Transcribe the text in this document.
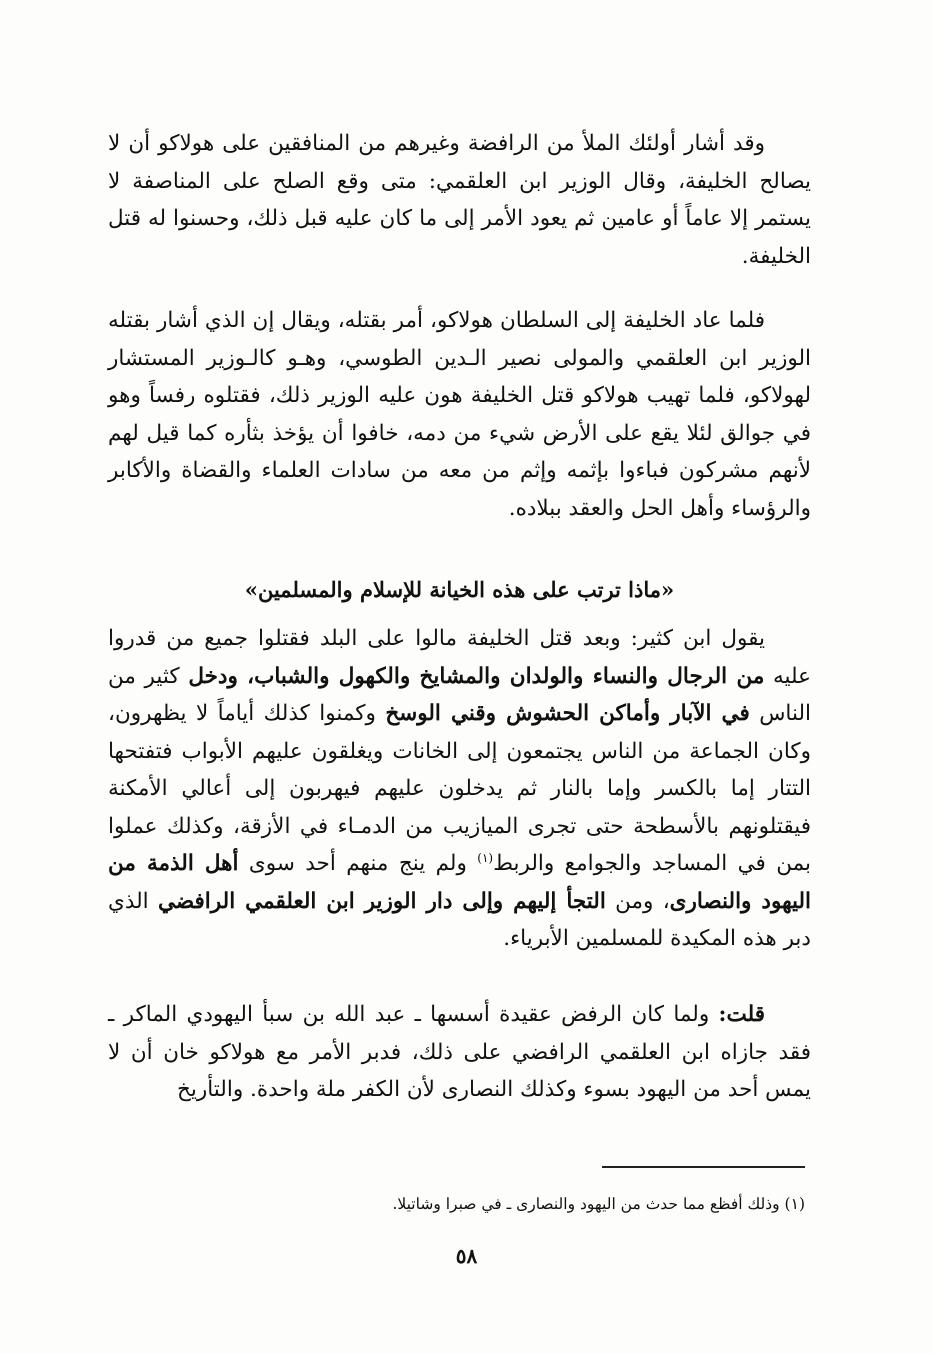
وقد أشار أولئك الملأ من الرافضة وغيرهم من المنافقين على هولاكو أن لا يصالح الخليفة، وقال الوزير ابن العلقمي: متى وقع الصلح على المناصفة لا يستمر إلا عاماً أو عامين ثم يعود الأمر إلى ما كان عليه قبل ذلك، وحسنوا له قتل الخليفة.

فلما عاد الخليفة إلى السلطان هولاكو، أمر بقتله، ويقال إن الذي أشار بقتله الوزير ابن العلقمي والمولى نصير الـدين الطوسي، وهـو كالـوزير المستشار لهولاكو، فلما تهيب هولاكو قتل الخليفة هون عليه الوزير ذلك، فقتلوه رفساً وهو في جوالق لئلا يقع على الأرض شيء من دمه، خافوا أن يؤخذ بثأره كما قيل لهم لأنهم مشركون فباءوا بإثمه وإثم من معه من سادات العلماء والقضاة والأكابر والرؤساء وأهل الحل والعقد ببلاده.

«ماذا ترتب على هذه الخيانة للإسلام والمسلمين»

يقول ابن كثير: وبعد قتل الخليفة مالوا على البلد فقتلوا جميع من قدروا عليه من الرجال والنساء والولدان والمشايخ والكهول والشباب، ودخل كثير من الناس في الآبار وأماكن الحشوش وقني الوسخ وكمنوا كذلك أياماً لا يظهرون، وكان الجماعة من الناس يجتمعون إلى الخانات ويغلقون عليهم الأبواب فتفتحها التتار إما بالكسر وإما بالنار ثم يدخلون عليهم فيهربون إلى أعالي الأمكنة فيقتلونهم بالأسطحة حتى تجرى الميازيب من الدمـاء في الأزقة، وكذلك عملوا بمن في المساجد والجوامع والربط$^{(١)}$ ولم ينج منهم أحد سوى أهل الذمة من اليهود والنصارى، ومن التجأ إليهم وإلى دار الوزير ابن العلقمي الرافضي الذي دبر هذه المكيدة للمسلمين الأبرياء.

قلت: ولما كان الرفض عقيدة أسسها ـ عبد الله بن سبأ اليهودي الماكر ـ فقد جازاه ابن العلقمي الرافضي على ذلك، فدبر الأمر مع هولاكو خان أن لا يمس أحد من اليهود بسوء وكذلك النصارى لأن الكفر ملة واحدة. والتأريخ

(١) وذلك أفظع مما حدث من اليهود والنصارى ـ في صبرا وشاتيلا.

٥٨
